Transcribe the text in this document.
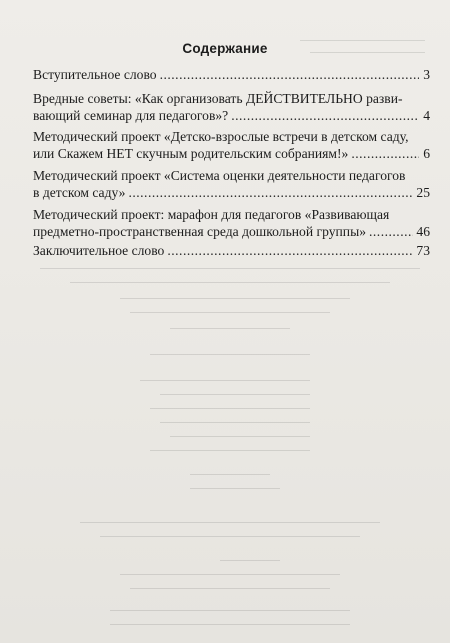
Содержание
Вступительное слово .....	3
Вредные советы: «Как организовать ДЕЙСТВИТЕЛЬНО разви-
вающий семинар для педагогов»? .....	4
Методический проект «Детско-взрослые встречи в детском саду,
или Скажем НЕТ скучным родительским собраниям!» .....	6
Методический проект «Система оценки деятельности педагогов
в детском саду» .....	25
Методический проект: марафон для педагогов «Развивающая
предметно-пространственная среда дошкольной группы» .....	46
Заключительное слово .....	73
